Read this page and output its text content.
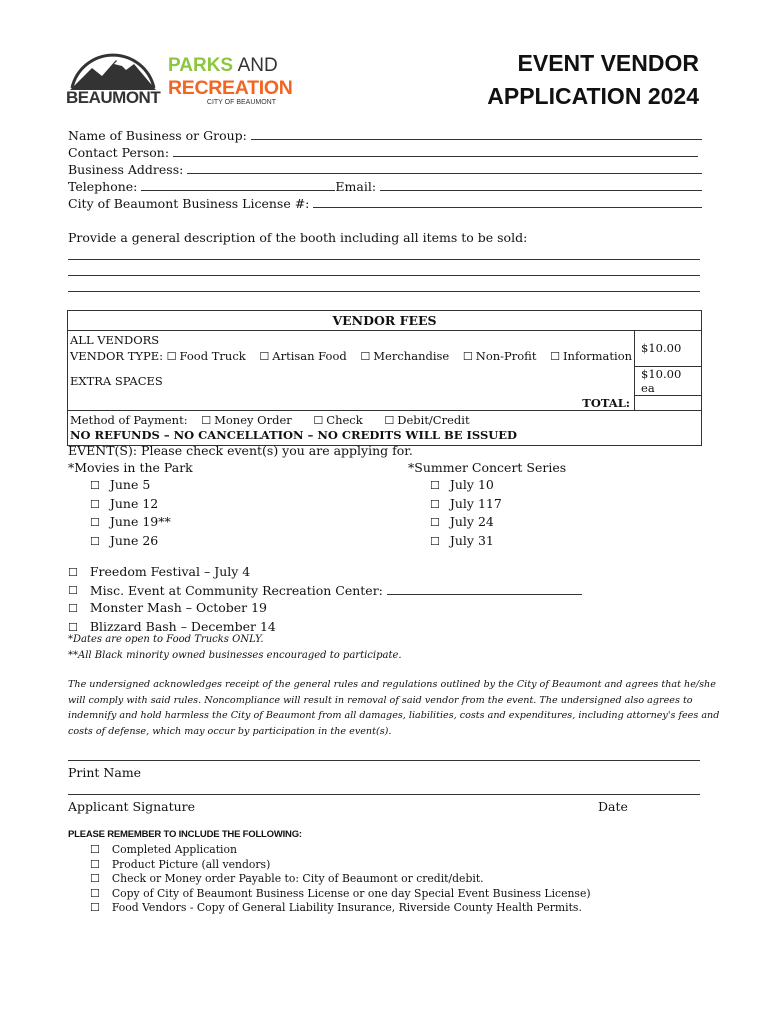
BEAUMONT
PARKS AND
RECREATION
CITY OF BEAUMONT
EVENT VENDOR
APPLICATION 2024
Name of Business or Group:
Contact Person:
Business Address:
Telephone:	Email:
City of Beaumont Business License #:
Provide a general description of the booth including all items to be sold:
VENDOR FEES	

ALL VENDORS
VENDOR TYPE: ☐ Food Truck ☐ Artisan Food ☐ Merchandise ☐ Non-Profit ☐ Information	$10.00
EXTRA SPACES	$10.00 ea
TOTAL:	

Method of Payment: ☐ Money Order ☐ Check ☐ Debit/Credit
NO REFUNDS – NO CANCELLATION – NO CREDITS WILL BE ISSUED	
EVENT(S): Please check event(s) you are applying for.
*Movies in the Park	*Summer Concert Series
☐ June 5
☐ June 12
☐ June 19**
☐ June 26
☐ July 10
☐ July 117
☐ July 24
☐ July 31
☐ Freedom Festival – July 4
☐ Misc. Event at Community Recreation Center:
☐ Monster Mash – October 19
☐ Blizzard Bash – December 14
*Dates are open to Food Trucks ONLY.
**All Black minority owned businesses encouraged to participate.
The undersigned acknowledges receipt of the general rules and regulations outlined by the City of Beaumont and agrees that he/she
will comply with said rules. Noncompliance will result in removal of said vendor from the event. The undersigned also agrees to
indemnify and hold harmless the City of Beaumont from all damages, liabilities, costs and expenditures, including attorney's fees and
costs of defense, which may occur by participation in the event(s).
Print Name
Applicant Signature	Date
PLEASE REMEMBER TO INCLUDE THE FOLLOWING:
☐ Completed Application
☐ Product Picture (all vendors)
☐ Check or Money order Payable to: City of Beaumont or credit/debit.
☐ Copy of City of Beaumont Business License or one day Special Event Business License)
☐ Food Vendors - Copy of General Liability Insurance, Riverside County Health Permits.
